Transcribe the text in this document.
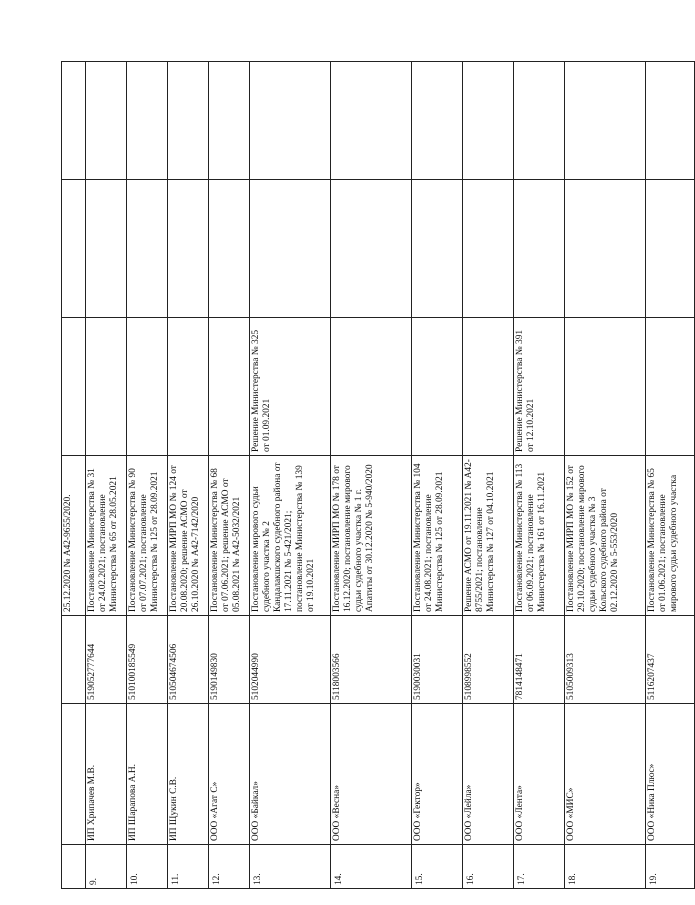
			25.12.2020 № А42-9655/2020.			
9.	ИП Хрипачев М.В.	519052777644	Постановление Министерства № 31 от 24.02.2021; постановление Министерства № 65 от 28.05.2021			
10.	ИП Шарапова А.Н.	510100185549	Постановление Министерства № 90 от 07.07.2021; постановление Министерства № 125 от 28.09.2021			
11.	ИП Щукин С.В.	510504674506	Постановление МИРП МО № 124 от 20.08.2020; решение АСМО от 26.10.2020 № А42-7142/2020			
12.	ООО «Агат С»	5190149830	Постановление Министерства № 68 от 07.06.2021; решение АСМО от 05.08.2021 № А42-5032/2021			
13.	ООО «Байкал»	5102044990	Постановление мирового судьи судебного участка № 2 Кандалакшского судебного района от 17.11.2021 № 5-421/2021; постановление Министерства № 139 от 19.10.2021	Решение Министерства № 325 от 01.09.2021		
14.	ООО «Весна»	5118003566	Постановление МИРП МО № 178 от 16.12.2020; постановление мирового судьи судебного участка № 1 г. Апатиты от 30.12.2020 № 5-940/2020			
15.	ООО «Гектор»	5190030031	Постановление Министерства № 104 от 24.08.2021; постановление Министерства № 125 от 28.09.2021			
16.	ООО «Лейла»	5108998552	Решение АСМО от 19.11.2021 № А42-8755/2021; постановление Министерства № 127 от 04.10.2021			
17.	ООО «Лента»	7814148471	Постановление Министерства № 113 от 06.09.2021; постановление Министерства № 161 от 16.11.2021	Решение Министерства № 391 от 12.10.2021		
18.	ООО «МИС»	5105009313	Постановление МИРП МО № 152 от 29.10.2020; постановление мирового судьи судебного участка № 3 Кольского судебного района от 02.12.2020 № 5-553/2020			
19.	ООО «Ника Плюс»	5116207437	Постановление Министерства № 65 от 01.06.2021; постановление мирового судьи судебного участка			
